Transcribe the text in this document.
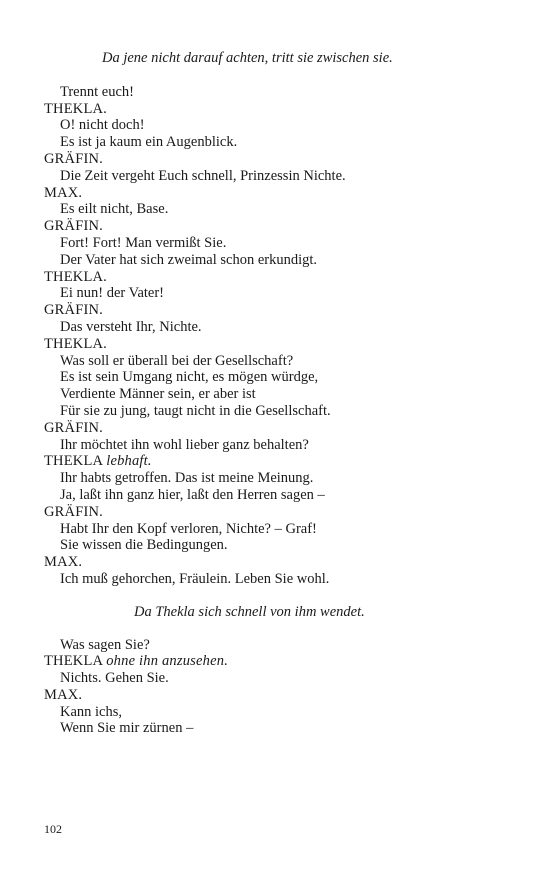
Da jene nicht darauf achten, tritt sie zwischen sie.
Trennt euch!
THEKLA.
O! nicht doch!
Es ist ja kaum ein Augenblick.
GRÄFIN.
Die Zeit vergeht Euch schnell, Prinzessin Nichte.
MAX.
Es eilt nicht, Base.
GRÄFIN.
Fort! Fort! Man vermißt Sie.
Der Vater hat sich zweimal schon erkundigt.
THEKLA.
Ei nun! der Vater!
GRÄFIN.
Das versteht Ihr, Nichte.
THEKLA.
Was soll er überall bei der Gesellschaft?
Es ist sein Umgang nicht, es mögen würdge,
Verdiente Männer sein, er aber ist
Für sie zu jung, taugt nicht in die Gesellschaft.
GRÄFIN.
Ihr möchtet ihn wohl lieber ganz behalten?
THEKLA lebhaft.
Ihr habts getroffen. Das ist meine Meinung.
Ja, laßt ihn ganz hier, laßt den Herren sagen –
GRÄFIN.
Habt Ihr den Kopf verloren, Nichte? – Graf!
Sie wissen die Bedingungen.
MAX.
Ich muß gehorchen, Fräulein. Leben Sie wohl.
Da Thekla sich schnell von ihm wendet.
Was sagen Sie?
THEKLA ohne ihn anzusehen.
Nichts. Gehen Sie.
MAX.
Kann ichs,
Wenn Sie mir zürnen –
102
